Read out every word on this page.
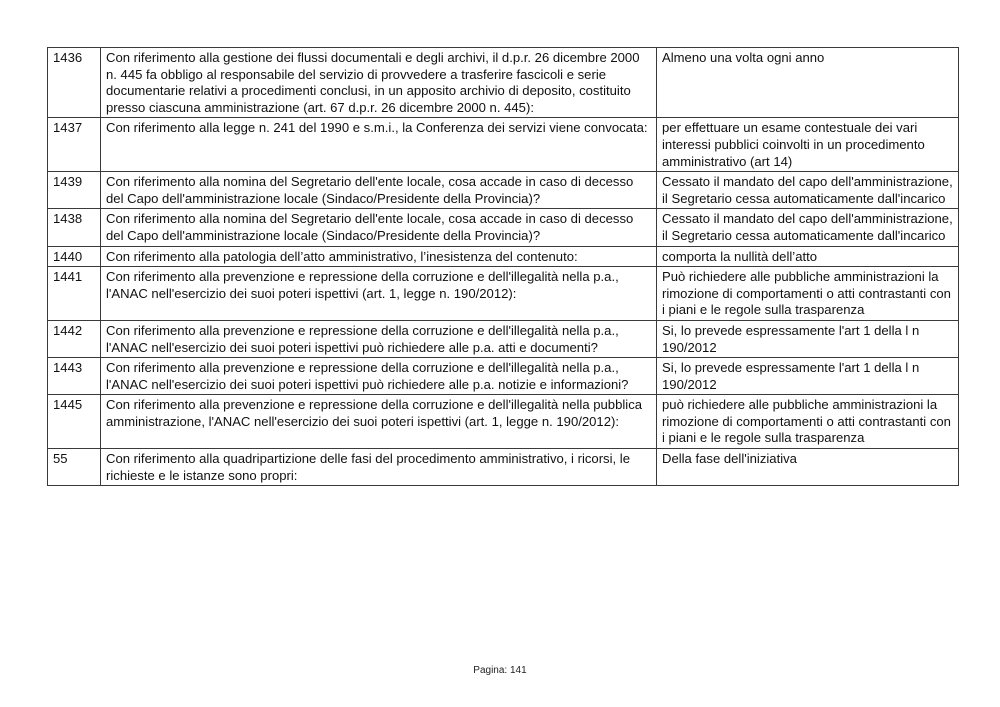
1436	Con riferimento alla gestione dei flussi documentali e degli archivi, il d.p.r. 26 dicembre 2000 n. 445 fa obbligo al responsabile del servizio di provvedere a trasferire fascicoli e serie documentarie relativi a procedimenti conclusi, in un apposito archivio di deposito, costituito presso ciascuna amministrazione (art. 67 d.p.r. 26 dicembre 2000 n. 445):	Almeno una volta ogni anno
1437	Con riferimento alla legge n. 241 del 1990 e s.m.i., la Conferenza dei servizi viene convocata:	per effettuare un esame contestuale dei vari interessi pubblici coinvolti in un procedimento amministrativo (art 14)
1439	Con riferimento alla nomina del Segretario dell'ente locale, cosa accade in caso di decesso del Capo dell'amministrazione locale (Sindaco/Presidente della Provincia)?	Cessato il mandato del capo dell'amministrazione, il Segretario cessa automaticamente dall'incarico
1438	Con riferimento alla nomina del Segretario dell'ente locale, cosa accade in caso di decesso del Capo dell'amministrazione locale (Sindaco/Presidente della Provincia)?	Cessato il mandato del capo dell'amministrazione, il Segretario cessa automaticamente dall'incarico
1440	Con riferimento alla patologia dell’atto amministrativo, l’inesistenza del contenuto:	comporta la nullità dell’atto
1441	Con riferimento alla prevenzione e repressione della corruzione e dell'illegalità nella p.a., l'ANAC nell'esercizio dei suoi poteri ispettivi (art. 1, legge n. 190/2012):	Può richiedere alle pubbliche amministrazioni la rimozione di comportamenti o atti contrastanti con i piani e le regole sulla trasparenza
1442	Con riferimento alla prevenzione e repressione della corruzione e dell'illegalità nella p.a., l'ANAC nell'esercizio dei suoi poteri ispettivi può richiedere alle p.a. atti e documenti?	Si, lo prevede espressamente l'art 1 della l n 190/2012
1443	Con riferimento alla prevenzione e repressione della corruzione e dell'illegalità nella p.a., l'ANAC nell'esercizio dei suoi poteri ispettivi può richiedere alle p.a. notizie e informazioni?	Si, lo prevede espressamente l'art 1 della l n 190/2012
1445	Con riferimento alla prevenzione e repressione della corruzione e dell'illegalità nella pubblica amministrazione, l'ANAC nell'esercizio dei suoi poteri ispettivi (art. 1, legge n. 190/2012):	può richiedere alle pubbliche amministrazioni la rimozione di comportamenti o atti contrastanti con i piani e le regole sulla trasparenza
55	Con riferimento alla quadripartizione delle fasi del procedimento amministrativo, i ricorsi, le richieste e le istanze sono propri:	Della fase dell'iniziativa
Pagina: 141
